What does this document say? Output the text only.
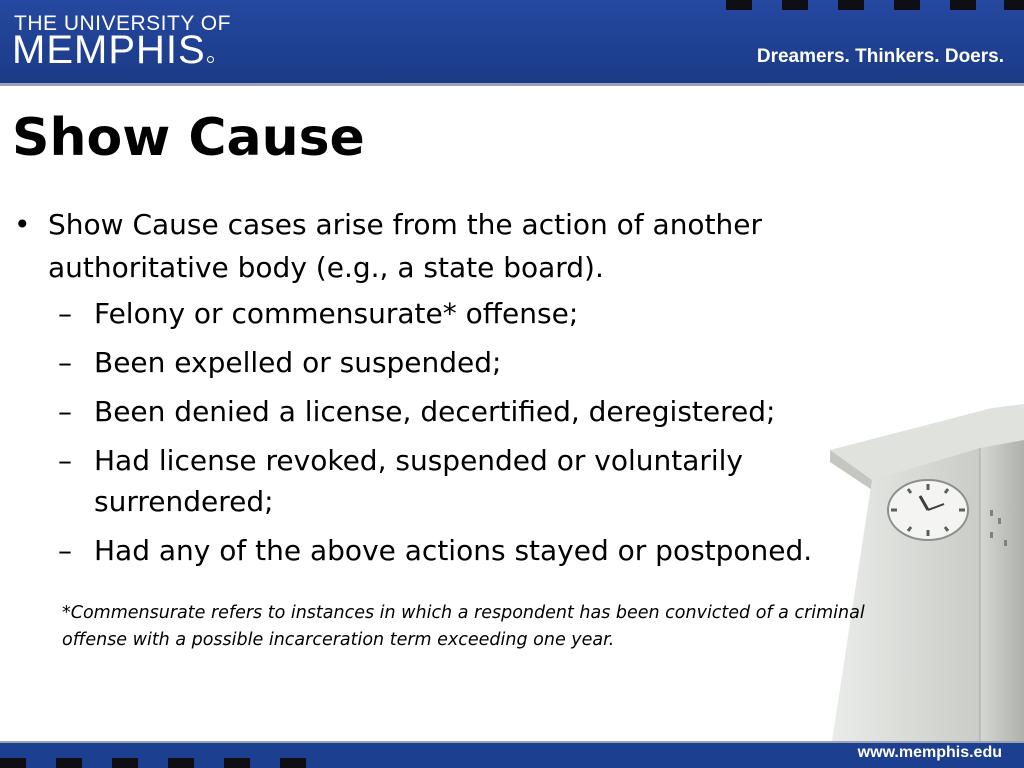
THE UNIVERSITY OF
MEMPHIS	Dreamers. Thinkers. Doers.
Show Cause
• Show Cause cases arise from the action of another authoritative body (e.g., a state board).
– Felony or commensurate* offense;
– Been expelled or suspended;
– Been denied a license, decertified, deregistered;
– Had license revoked, suspended or voluntarily surrendered;
– Had any of the above actions stayed or postponed.
*Commensurate refers to instances in which a respondent has been convicted of a criminal offense with a possible incarceration term exceeding one year.
www.memphis.edu
